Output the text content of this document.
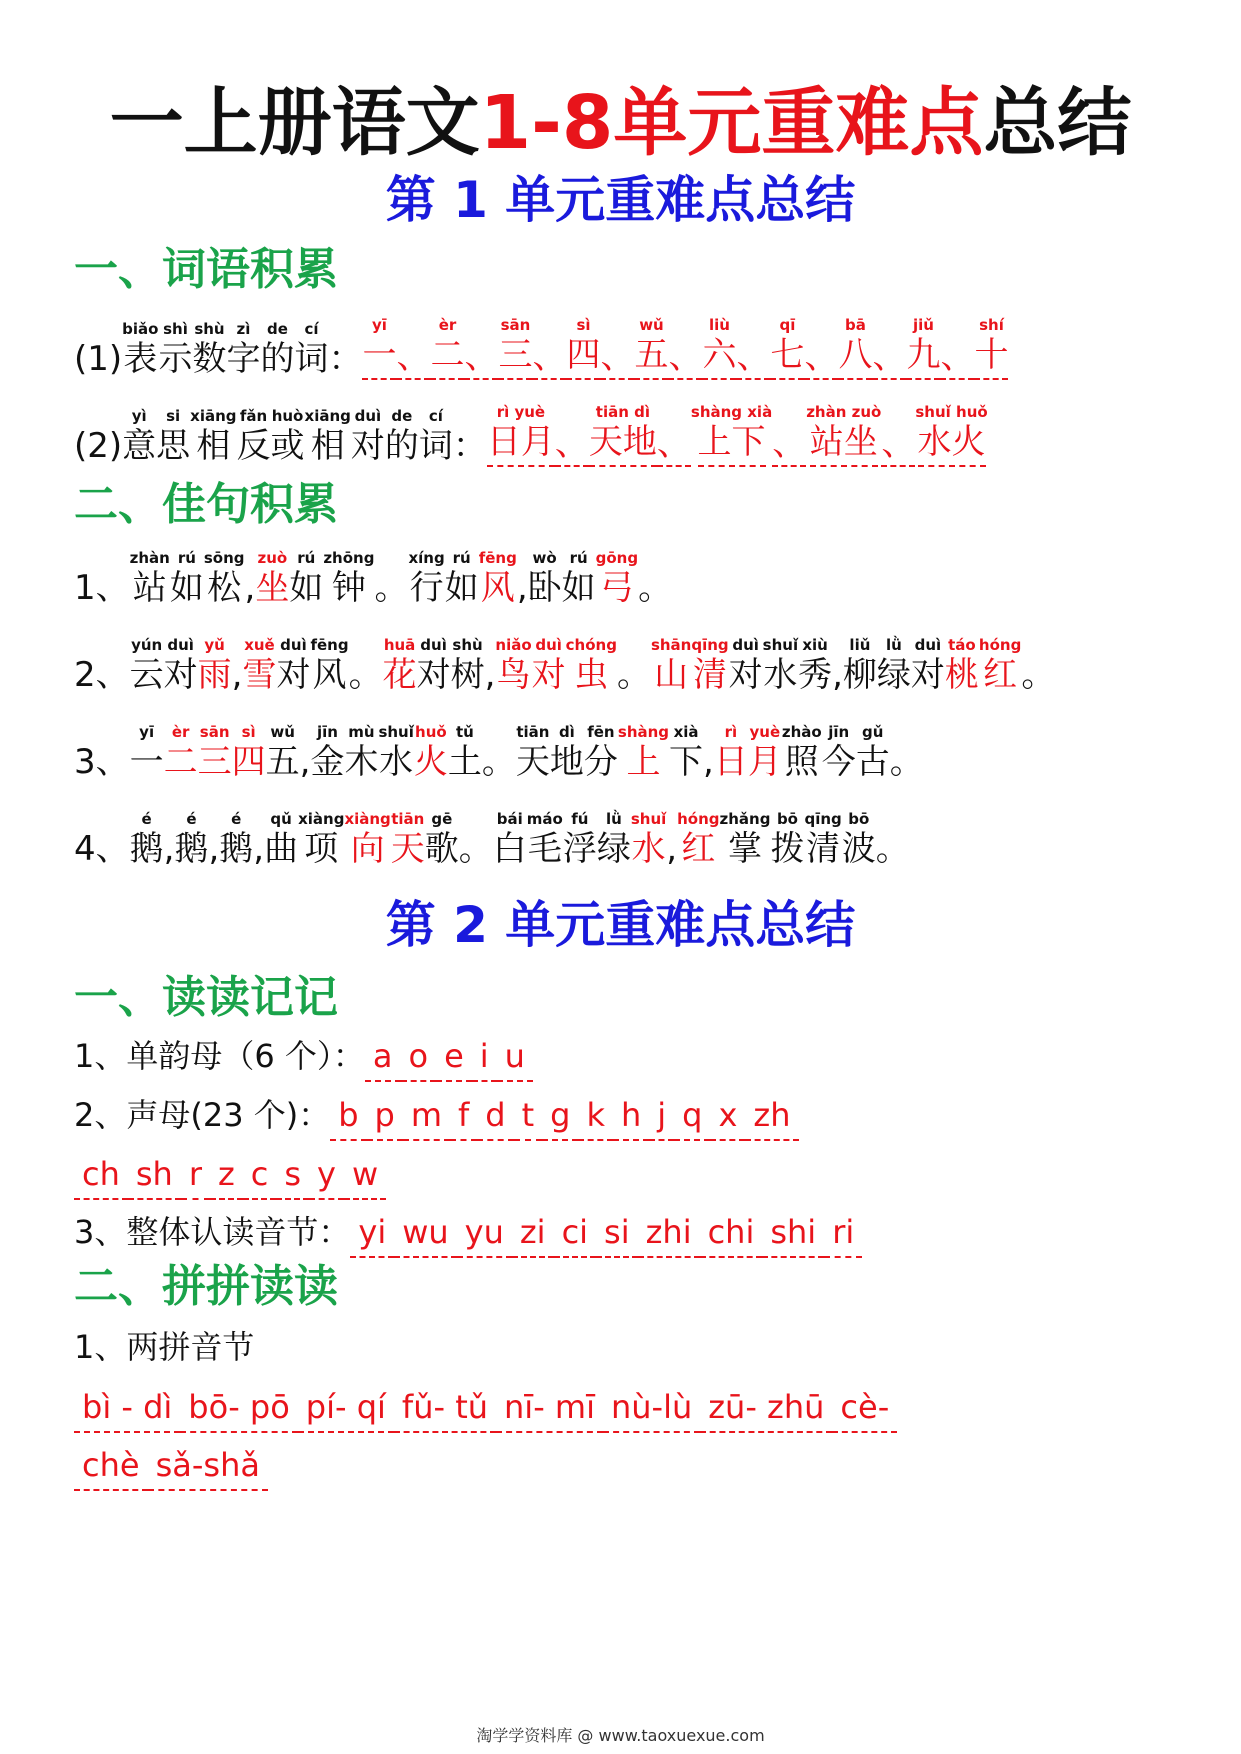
一上册语文1-8单元重难点总结
第 1 单元重难点总结
一、词语积累
(1)
biǎo
表
shì
示
shù
数
zì
字
de
的
cí
词 ：
yī
一 、
èr
二 、
sān
三 、
sì
四 、
wǔ
五 、
liù
六 、
qī
七 、
bā
八 、
jiǔ
九 、
shí
十
(2)
yì
意
si
思
xiāng
相
fǎn
反
huò
或
xiāng
相
duì
对
de
的
cí
词 ：
rì yuè
日月 、
tiān dì
天地 、
shàng xià
上下 、
zhàn zuò
站坐 、
shuǐ huǒ
水火
二、佳句积累
1、
zhàn
站
rú
如
sōng
松 ,
zuò
坐
rú
如
zhōng
钟 。
xíng
行
rú
如
fēng
风 ,
wò
卧
rú
如
gōng
弓 。
2、
yún
云
duì
对
yǔ
雨 ,
xuě
雪
duì
对
fēng
风 。
huā
花
duì
对
shù
树 ,
niǎo
鸟
duì
对
chóng
虫 。
shān
山
qīng
清
duì
对
shuǐ
水
xiù
秀 ,
liǔ
柳
lǜ
绿
duì
对
táo
桃
hóng
红 。
3、
yī
一
èr
二
sān
三
sì
四
wǔ
五 ,
jīn
金
mù
木
shuǐ
水
huǒ
火
tǔ
土 。
tiān
天
dì
地
fēn
分
shàng
上
xià
下 ,
rì
日
yuè
月
zhào
照
jīn
今
gǔ
古 。
4、
é
鹅 ,
é
鹅 ,
é
鹅 ,
qǔ
曲
xiàng
项
xiàng
向
tiān
天
gē
歌 。
bái
白
máo
毛
fú
浮
lǜ
绿
shuǐ
水 ,
hóng
红
zhǎng
掌
bō
拨
qīng
清
bō
波 。
第 2 单元重难点总结
一、读读记记
1、单韵母（6 个）： a o e i u
2、声母(23 个)： b p m f d t g k h j q x zh
ch sh r z c s y w
3、整体认读音节： yi wu yu zi ci si zhi chi shi ri
二、拼拼读读
1、两拼音节
bì - dì bō- pō pí- qí fǔ- tǔ nī- mī nù-lù zū- zhū cè-
chè sǎ-shǎ
淘学学资料库 @ www.taoxuexue.com
